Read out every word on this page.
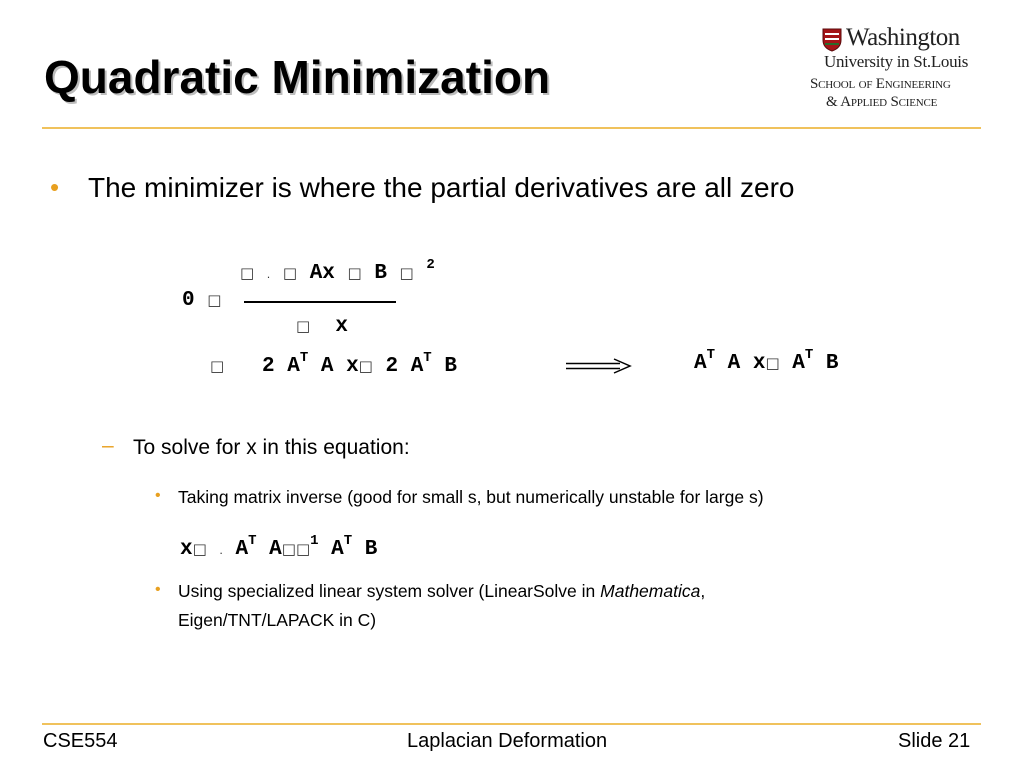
Quadratic Minimization
Washington
University in St.Louis
School of Engineering
& Applied Science
• The minimizer is where the partial derivatives are all zero
□ . □ Ax □ B □ $^2$
0 □
□ x
□ 2 $A^T$ A x□ 2 $A^T$ B	$A^T$ A x□ $A^T$ B
– To solve for x in this equation:
• Taking matrix inverse (good for small s, but numerically unstable for large s)
x□ . $A^T$ A□□$^1$ $A^T$ B
• Using specialized linear system solver (LinearSolve in Mathematica,
Eigen/TNT/LAPACK in C)
CSE554	Laplacian Deformation	Slide 21
